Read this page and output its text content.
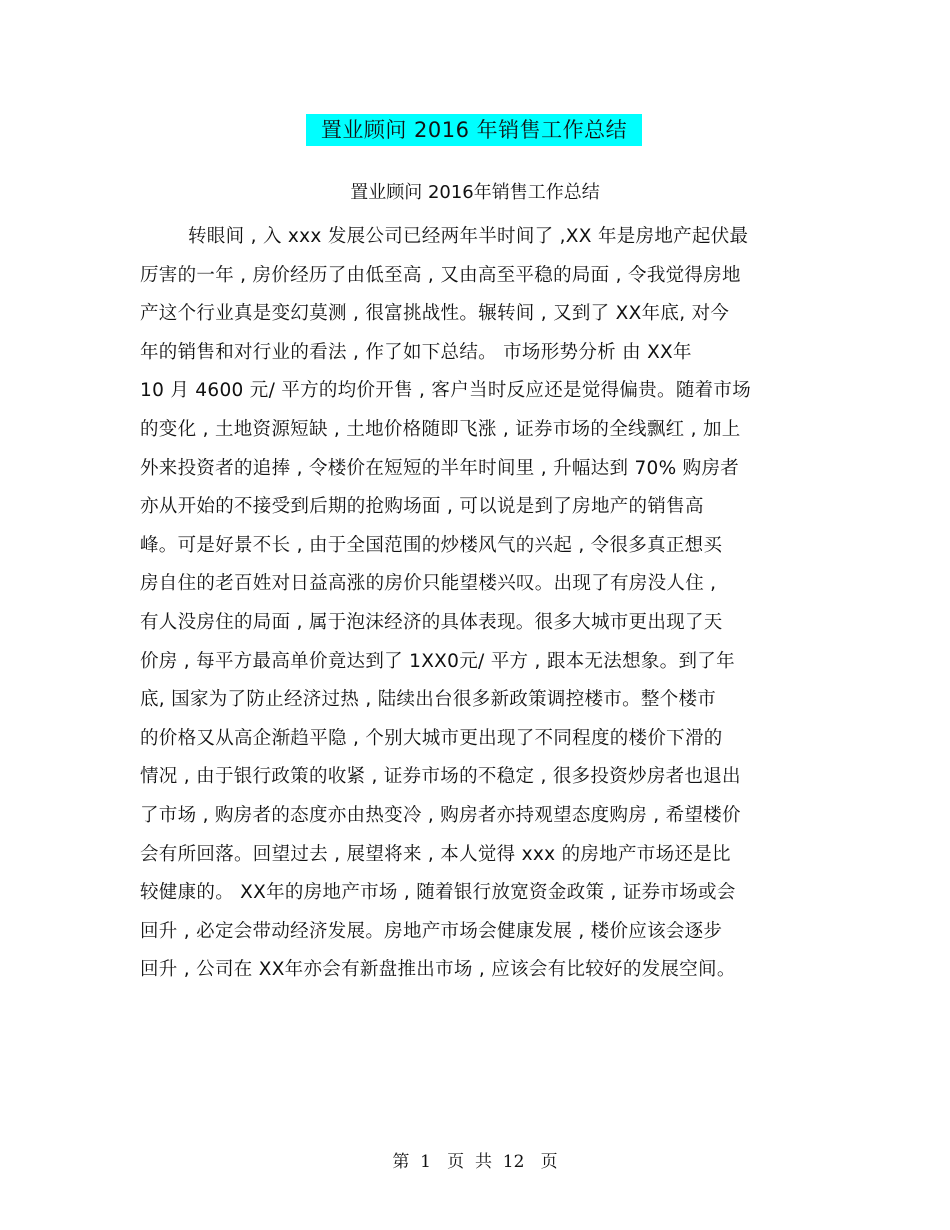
置业顾问 2016 年销售工作总结
置业顾问 2016年销售工作总结
转眼间 , 入 xxx 发展公司已经两年半时间了 ,XX 年是房地产起伏最
厉害的一年 , 房价经历了由低至高 , 又由高至平稳的局面 , 令我觉得房地
产这个行业真是变幻莫测 , 很富挑战性。辗转间 , 又到了 XX年底, 对今
年的销售和对行业的看法 , 作了如下总结。 市场形势分析 由 XX年
10 月 4600 元/ 平方的均价开售 , 客户当时反应还是觉得偏贵。随着市场
的变化 , 土地资源短缺 , 土地价格随即飞涨 , 证券市场的全线飘红 , 加上
外来投资者的追捧 , 令楼价在短短的半年时间里 , 升幅达到 70% 购房者
亦从开始的不接受到后期的抢购场面 , 可以说是到了房地产的销售高
峰。可是好景不长 , 由于全国范围的炒楼风气的兴起 , 令很多真正想买
房自住的老百姓对日益高涨的房价只能望楼兴叹。出现了有房没人住 ,
有人没房住的局面 , 属于泡沫经济的具体表现。很多大城市更出现了天
价房 , 每平方最高单价竟达到了 1XX0元/ 平方 , 跟本无法想象。到了年
底, 国家为了防止经济过热 , 陆续出台很多新政策调控楼市。整个楼市
的价格又从高企渐趋平隐 , 个别大城市更出现了不同程度的楼价下滑的
情况 , 由于银行政策的收紧 , 证券市场的不稳定 , 很多投资炒房者也退出
了市场 , 购房者的态度亦由热变冷 , 购房者亦持观望态度购房 , 希望楼价
会有所回落。回望过去 , 展望将来 , 本人觉得 xxx 的房地产市场还是比
较健康的。 XX年的房地产市场 , 随着银行放宽资金政策 , 证券市场或会
回升 , 必定会带动经济发展。房地产市场会健康发展 , 楼价应该会逐步
回升 , 公司在 XX年亦会有新盘推出市场 , 应该会有比较好的发展空间。
第  1   页  共  12   页
